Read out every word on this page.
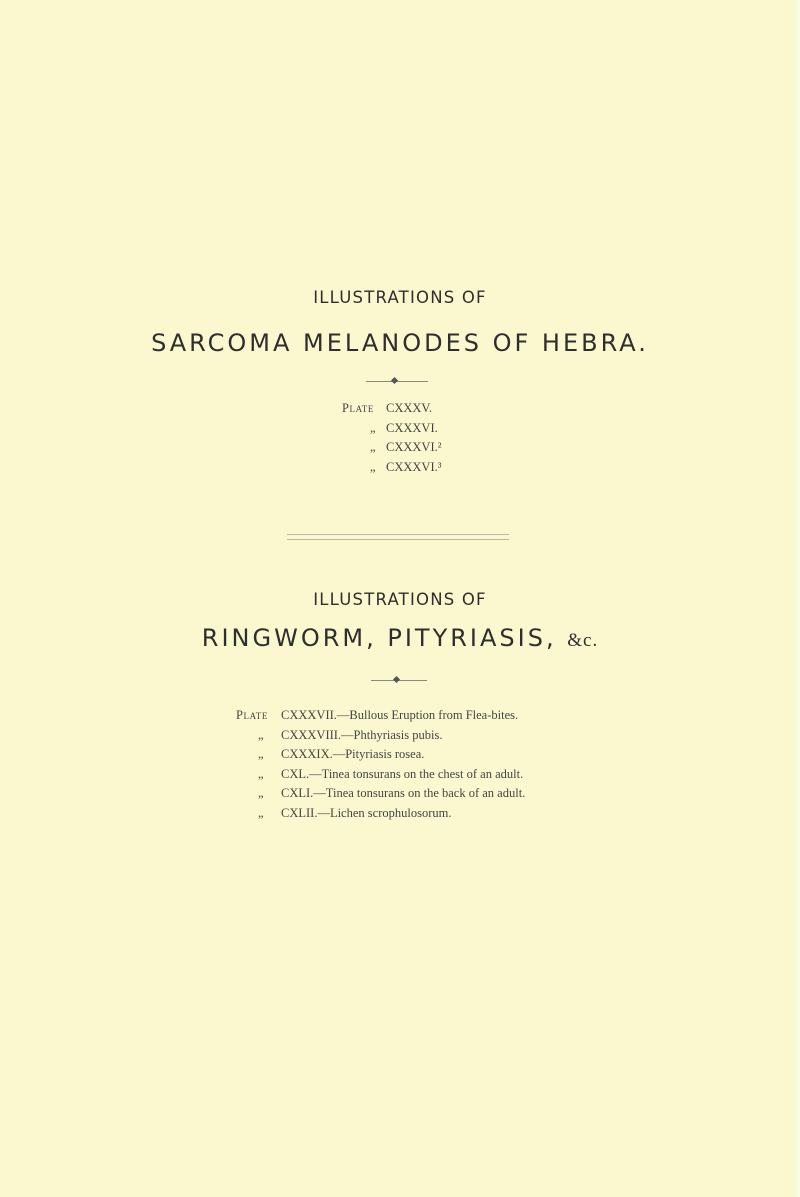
ILLUSTRATIONS OF
SARCOMA MELANODES OF HEBRA.
Plate CXXXV.
„ CXXXVI.
„ CXXXVI.²
„ CXXXVI.³
ILLUSTRATIONS OF
RINGWORM, PITYRIASIS, &c.
Plate CXXXVII.—Bullous Eruption from Flea-bites.
„ CXXXVIII.—Phthyriasis pubis.
„ CXXXIX.—Pityriasis rosea.
„ CXL.—Tinea tonsurans on the chest of an adult.
„ CXLI.—Tinea tonsurans on the back of an adult.
„ CXLII.—Lichen scrophulosorum.
